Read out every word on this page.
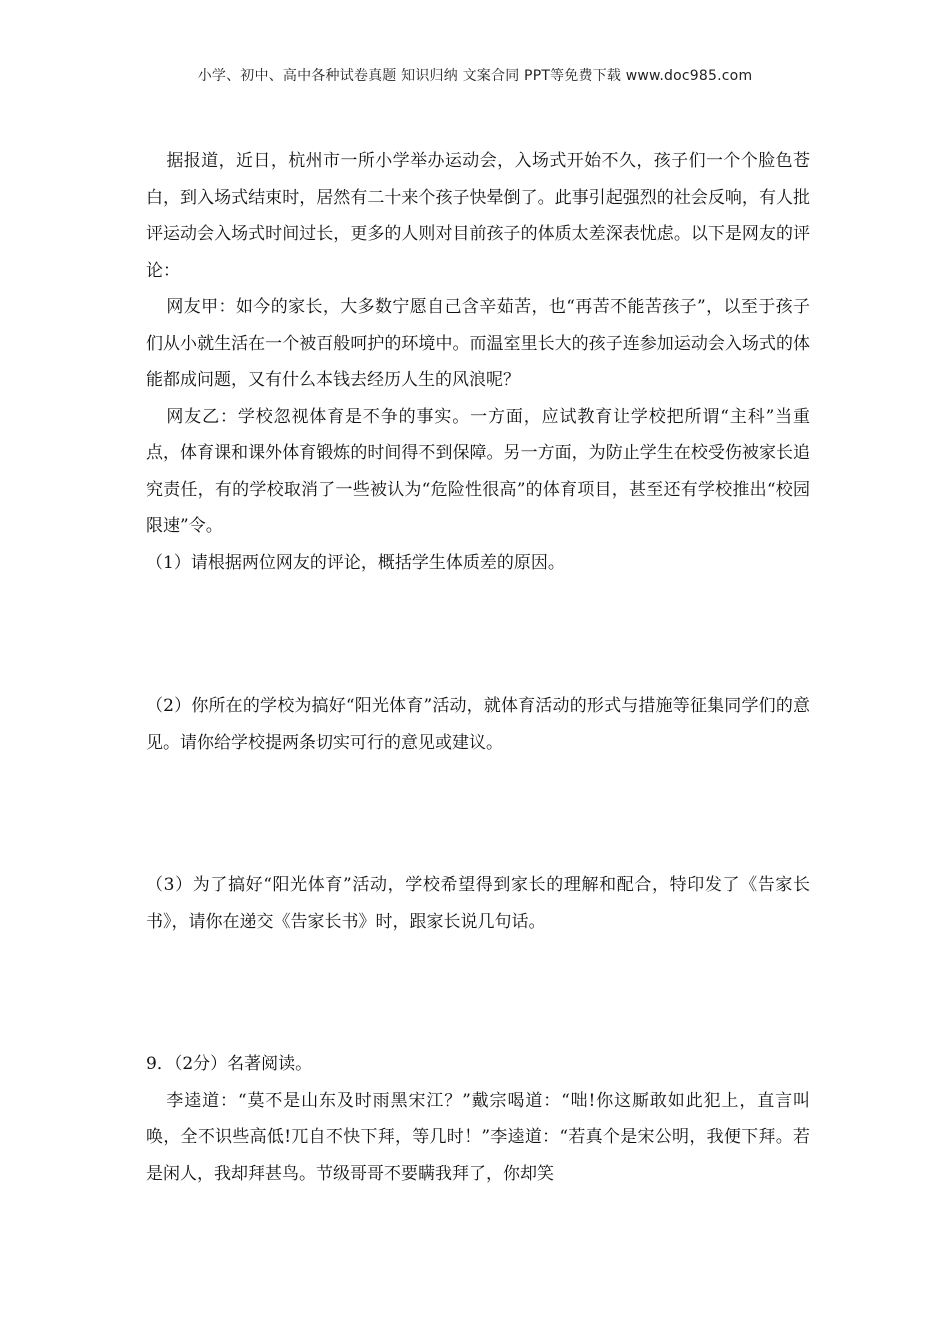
小学、初中、高中各种试卷真题 知识归纳 文案合同 PPT等免费下载 www.doc985.com

据报道，近日，杭州市一所小学举办运动会，入场式开始不久，孩子们一个个脸色苍白，到入场式结束时，居然有二十来个孩子快晕倒了。此事引起强烈的社会反响，有人批评运动会入场式时间过长，更多的人则对目前孩子的体质太差深表忧虑。以下是网友的评论：

网友甲：如今的家长，大多数宁愿自己含辛茹苦，也“再苦不能苦孩子”，以至于孩子们从小就生活在一个被百般呵护的环境中。而温室里长大的孩子连参加运动会入场式的体能都成问题，又有什么本钱去经历人生的风浪呢？

网友乙：学校忽视体育是不争的事实。一方面，应试教育让学校把所谓“主科”当重点，体育课和课外体育锻炼的时间得不到保障。另一方面，为防止学生在校受伤被家长追究责任，有的学校取消了一些被认为“危险性很高”的体育项目，甚至还有学校推出“校园限速”令。

（1）请根据两位网友的评论，概括学生体质差的原因。

（2）你所在的学校为搞好“阳光体育”活动，就体育活动的形式与措施等征集同学们的意见。请你给学校提两条切实可行的意见或建议。

（3）为了搞好“阳光体育”活动，学校希望得到家长的理解和配合，特印发了《告家长书》，请你在递交《告家长书》时，跟家长说几句话。

9．（2分）名著阅读。

李逵道：“莫不是山东及时雨黑宋江？”戴宗喝道：“咄!你这厮敢如此犯上，直言叫唤，全不识些高低!兀自不快下拜，等几时！”李逵道：“若真个是宋公明，我便下拜。若是闲人，我却拜甚鸟。节级哥哥不要瞒我拜了，你却笑
